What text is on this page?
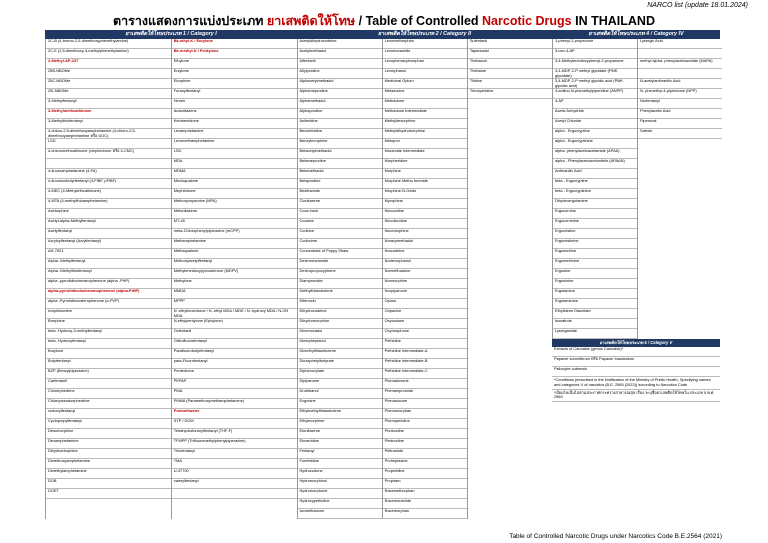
NARCO list (update 18.01.2024)
ตารางแสดงการแบ่งประเภท ยาเสพติดให้โทษ / Table of Controlled Narcotic Drugs IN THAILAND
ยาเสพติดให้โทษประเภท 1 / Category I	ยาเสพติดให้โทษประเภท 2 / Category II	ยาเสพติดให้โทษประเภท 4 / Category IV
2C-B (4-bromo-2,5-dimethoxyphenethylamine)
2C-E (2,5-dimethoxy-4-methylphenethylamine)
2-Methyl-AP-237
25B-NBOMe
25C-NBOMe
25I-NBOMe
3-Methylfentanyl
3-Methylmethcathinone
3-Methylthiofentanyl
4-chloro-2,5-dimethoxyamphetamine (4-chloro-2,5-dimethoxyamphetamine หรือ DOC)
LSD
4-chloromethcathinone (clephedrone หรือ 4-CMC)
4-fluoroamphetamine (4-FA)
4-fluoroisobutyrfentanyl (4-FIBF, pFIBF)
4-MEC (4-Methylethcathinone)
4-MTA (4-methylthioamphetamine)
Acetorphine
Acetyl-alpha-Methylfentanyl
Acetylfentanyl
Acryloylfentanyl (Acrylfentanyl)
AH-7921
Alpha -Methylfentanyl
Alpha -Methylthiofentanyl
alpha -pyrrolidinohexanophenone (alpha -PHP)
alpha-pyrrolidinoisohexanophenone (alpha-PiHP)
alpha -Pyrrolidinovalerophenone (α-PVP)
Amphetamine
Brorphine
beta -Hydroxy-3-methylfentanyl
beta -Hydroxyfentanyl
Butylone
Butyrfentanyl
BZP (Benzylpiperazine)
Carfentanil
Chlorephedrine
Chloropseudoephedrine
crotonylfentanyl
Cyclopropylfentanyl
Desomorphine
Dexamphetamine
Dihydroetorphine
Dimethoxyamphetamine
Dimethylamphetamine
DOB
DOET
Bk-ethyl-K / Eutylone
Bk-methyl-K / Pentylone
Ethylone
Eutylone
Etorphine
Furanylfentanyl
Heroin
isotonitazene
Ketobemidone
Levamphetamine
Levomethamphetamine
LSD
MDA
MDMA
Mecloqualone
Mephedrone
Methoxpropamine (MPA)
Metonitazene
MT-45
meta-Chlorophenylpiperazine (mCPP)
Methamphetamine
Methaqualone
Methoxyacetylfentanyl
Methylenedioxypyrovalerone (MDPV)
Methylone
MMDA
MPPP
N -ethylhexedrone / N -ethyl MDA / MDE / N -hydroxy MDA / N-OH MDA
N-ethylpentylone (Ephylone)
Ocfentanil
Orthofluorofentanyl
Parafluorobutyrfentanyl
para-Fluorofentanyl
Pentedrone
PEPAP
PMA
PMMA (Paramethoxymethamphetamine)
Protonitazene
STP / DOM
Tetrahydrofuranylfentanyl (THF-F)
TFMPP (Trifluoromethylphenylpiperazine)
Thiofentanyl
TMA
U-47700
valerylfentanyl
Acetyldihydrocodeine
Acetylmethadol
Alfentanil
Allylprodine
Alphacetylmethadol
Alphameprodine
Alphamethadol
Alphaprodine
Anileridine
Benzethidine
Benzylmorphine
Betacetylmethadol
Betameprodine
Betamethadol
Betaprodine
Bezitramide
Clonitazene
Coca bush
Cocaine
Codeine
Codoxime
Concentrate of Poppy Straw
Dextromoramide
Dextropropoxyphene
Diampromide
Diethylthiambutene
Difenoxin
Dihydrocodeine
Dihydromorphine
Dimenoxadol
Dimepheptanol
Dimethylthiambutene
Dioxaphetylbutyrate
Diphenoxylate
Dipipanone
Drotebanol
Ecgonine
Ethylmethylthiambutene
Ethylmorphine
Etonitazene
Etoxeridine
Fentanyl
Furethidine
Hydrocodone
Hydromorphinol
Hydromorphone
Hydroxypethidine
Isomethadone
Levomethorphan
Levomoramide
Levophenacylmorphan
Levorphanol
Medicinal Opium
Metazocine
Methadone
Methadone Intermediate
Methyldesorphine
Methyldihydromorphine
Metopon
Moramide Intermediate
Morpheridine
Morphine
Morphine Metho bromide
Morphine-N-Oxide
Myrophine
Nicocodine
Nicodicodine
Nicomorphine
Noracymethadol
Norcodeine
Norlevorphanol
Normethadone
Normorphine
Norpipanone
Opium
Oripavine
Oxycodone
Oxymorphone
Pethidine
Pethidine Intermediate-A
Pethidine Intermediate-B
Pethidine Intermediate-C
Phenadoxone
Phenampromide
Phenazocine
Phenomorphan
Phenoperidine
Pholcodine
Piminodine
Piritramide
Proheptazine
Properidine
Propiram
Racemethorphan
Racemoramide
Racemorphan
Sufentanil
Tapentadol
Thebacon
Thebaine
Tilidine
Trimeperidine
1-phenyl-2-propanone
3-oxo-4-AP
3,4-Methylenedioxyphenyl-2-propanone
3,4-MDP-2-P methyl glycidate (PMK glycidate)
3,4-MDP-2-P methyl glycidic acid (PMK glycidic acid)
4-anilino-N-phenethylpiperidine (ANPP)
4-AP
Acetic Anhydride
Acetyl Chloride
alpha - Ergocryptine
alpha - Ergocryptinine
alpha- phenylacetoacetamide (APAA)
alpha - Phenylacetoacetonitrile (APAAN)
Anthranilic Acid
beta - Ergocryptine
beta - Ergocryptinine
Dihydroergotamine
Ergocornine
Ergocorninine
Ergocristine
Ergocristinine
Ergometrine
Ergometrinine
Ergosine
Ergosinine
Ergotamine
Ergotaminine
Ethylidene Diacetate
Isosafrole
Lysergamide
Lysergic Acid
methyl alpha- phenylacetoacetate (MAPA)
N-acetylanthranilic Acid
N- phenethyl-4-piperidone (NPP)
Norfentanyl
Phenylacetic Acid
Piperonal
Safrole
ยาเสพติดให้โทษประเภท 5 / Category V
Extracts of Cannabis (genus Cannabis)*
Papaver somniferum หรือ Papaver bracteatum
Psilocybe cubensis
*Conditions prescribed in the Notification of the Ministry of Public Health, Specifying names and categories V of narcotics (B.E. 2565 (2022)) according to Narcotics Code
*เงื่อนไขเป็นไปตามประกาศกระทรวงสาธารณสุข เรื่อง ระบุชื่อยาเสพติดให้โทษใน ประเภท 5 พ.ศ. 2565
Table of Controlled Narcotic Drugs under Narcotics Code B.E.2564 (2021)
